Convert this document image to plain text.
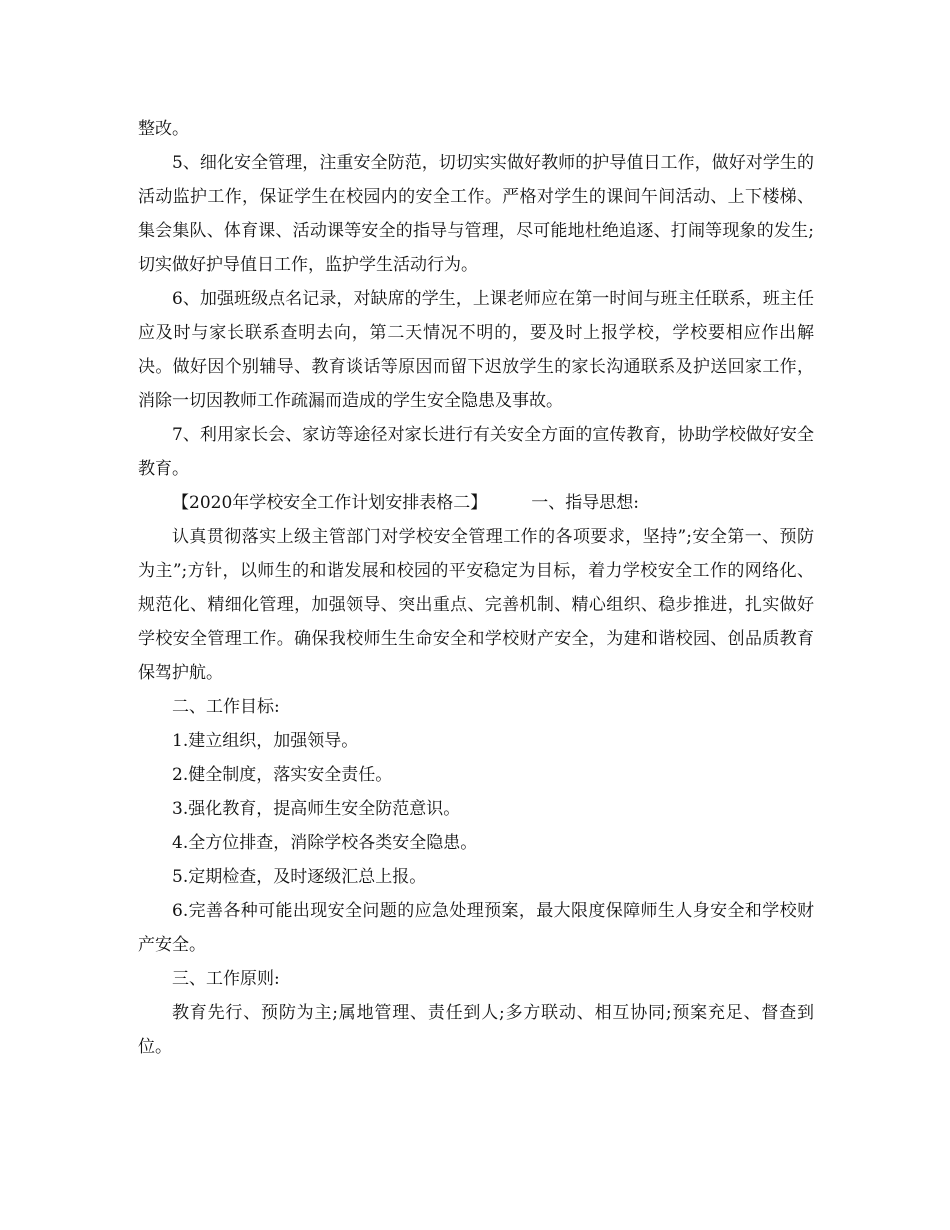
整改。

5、细化安全管理，注重安全防范，切切实实做好教师的护导值日工作，做好对学生的活动监护工作，保证学生在校园内的安全工作。严格对学生的课间午间活动、上下楼梯、集会集队、体育课、活动课等安全的指导与管理，尽可能地杜绝追逐、打闹等现象的发生;切实做好护导值日工作，监护学生活动行为。

6、加强班级点名记录，对缺席的学生，上课老师应在第一时间与班主任联系，班主任应及时与家长联系查明去向，第二天情况不明的，要及时上报学校，学校要相应作出解决。做好因个别辅导、教育谈话等原因而留下迟放学生的家长沟通联系及护送回家工作，消除一切因教师工作疏漏而造成的学生安全隐患及事故。

7、利用家长会、家访等途径对家长进行有关安全方面的宣传教育，协助学校做好安全教育。

【2020年学校安全工作计划安排表格二】	一、指导思想:

认真贯彻落实上级主管部门对学校安全管理工作的各项要求，坚持”;安全第一、预防为主”;方针，以师生的和谐发展和校园的平安稳定为目标，着力学校安全工作的网络化、规范化、精细化管理，加强领导、突出重点、完善机制、精心组织、稳步推进，扎实做好学校安全管理工作。确保我校师生生命安全和学校财产安全，为建和谐校园、创品质教育保驾护航。

二、工作目标:

1.建立组织，加强领导。

2.健全制度，落实安全责任。

3.强化教育，提高师生安全防范意识。

4.全方位排查，消除学校各类安全隐患。

5.定期检查，及时逐级汇总上报。

6.完善各种可能出现安全问题的应急处理预案，最大限度保障师生人身安全和学校财产安全。

三、工作原则:

教育先行、预防为主;属地管理、责任到人;多方联动、相互协同;预案充足、督查到位。
